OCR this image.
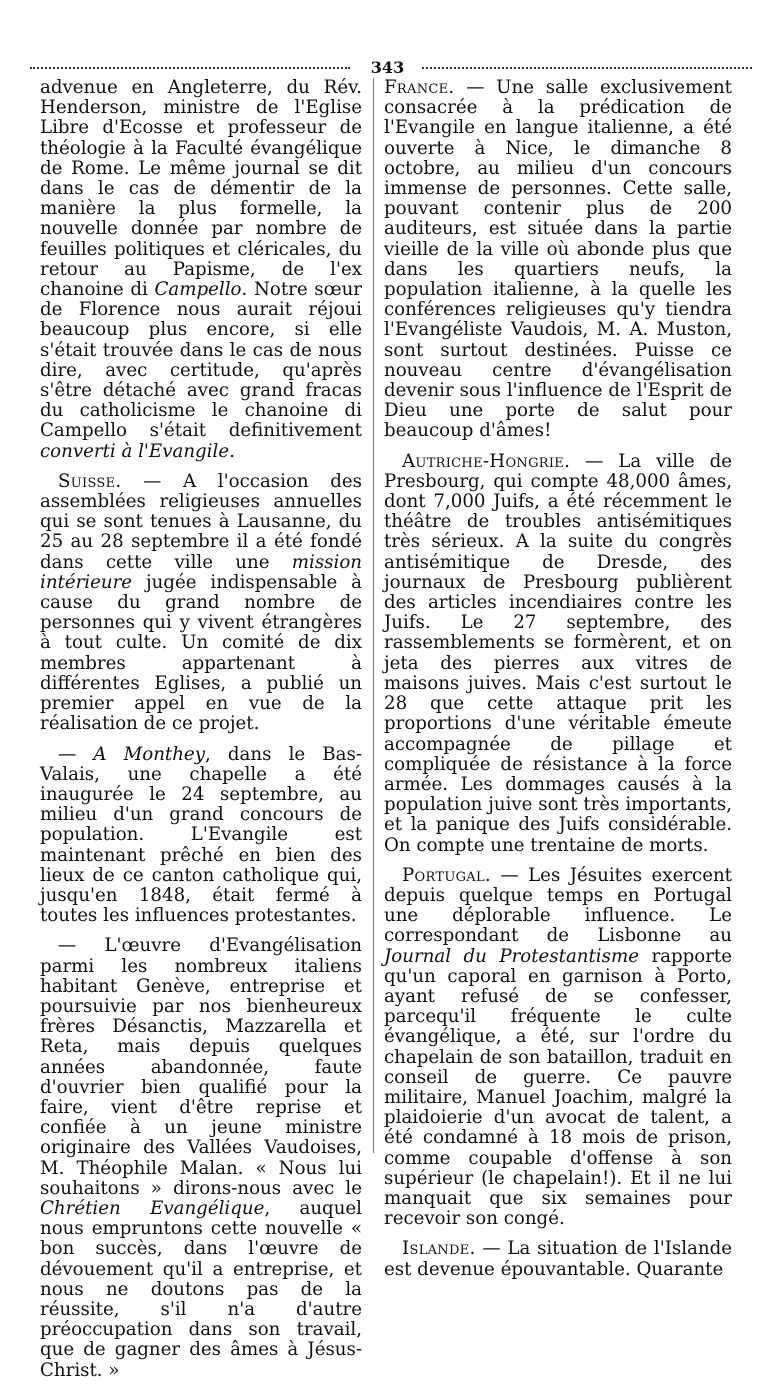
343

advenue en Angleterre, du Rév. Henderson, ministre de l'Eglise Libre d'Ecosse et professeur de théologie à la Faculté évangélique de Rome. Le même journal se dit dans le cas de démentir de la manière la plus formelle, la nouvelle donnée par nombre de feuilles politiques et cléricales, du retour au Papisme, de l'ex chanoine di Campello. Notre sœur de Florence nous aurait réjoui beaucoup plus encore, si elle s'était trouvée dans le cas de nous dire, avec certitude, qu'après s'être détaché avec grand fracas du catholicisme le chanoine di Campello s'était definitivement converti à l'Evangile.

Suisse. — A l'occasion des assemblées religieuses annuelles qui se sont tenues à Lausanne, du 25 au 28 septembre il a été fondé dans cette ville une mission intérieure jugée indispensable à cause du grand nombre de personnes qui y vivent étrangères à tout culte. Un comité de dix membres appartenant à différentes Eglises, a publié un premier appel en vue de la réalisation de ce projet.

— A Monthey, dans le Bas-Valais, une chapelle a été inaugurée le 24 septembre, au milieu d'un grand concours de population. L'Evangile est maintenant prêché en bien des lieux de ce canton catholique qui, jusqu'en 1848, était fermé à toutes les influences protestantes.

— L'œuvre d'Evangélisation parmi les nombreux italiens habitant Genève, entreprise et poursuivie par nos bienheureux frères Désanctis, Mazzarella et Reta, mais depuis quelques années abandonnée, faute d'ouvrier bien qualifié pour la faire, vient d'être reprise et confiée à un jeune ministre originaire des Vallées Vaudoises, M. Théophile Malan. « Nous lui souhaitons » dirons-nous avec le Chrétien Evangélique, auquel nous empruntons cette nouvelle « bon succès, dans l'œuvre de dévouement qu'il a entreprise, et nous ne doutons pas de la réussite, s'il n'a d'autre préoccupation dans son travail, que de gagner des âmes à Jésus-Christ. »

France. — Une salle exclusivement consacrée à la prédication de l'Evangile en langue italienne, a été ouverte à Nice, le dimanche 8 octobre, au milieu d'un concours immense de personnes. Cette salle, pouvant contenir plus de 200 auditeurs, est située dans la partie vieille de la ville où abonde plus que dans les quartiers neufs, la population italienne, à la quelle les conférences religieuses qu'y tiendra l'Evangéliste Vaudois, M. A. Muston, sont surtout destinées. Puisse ce nouveau centre d'évangélisation devenir sous l'influence de l'Esprit de Dieu une porte de salut pour beaucoup d'âmes!

Autriche-Hongrie. — La ville de Presbourg, qui compte 48,000 âmes, dont 7,000 Juifs, a été récemment le théâtre de troubles antisémitiques très sérieux. A la suite du congrès antisémitique de Dresde, des journaux de Presbourg publièrent des articles incendiaires contre les Juifs. Le 27 septembre, des rassemblements se formèrent, et on jeta des pierres aux vitres de maisons juives. Mais c'est surtout le 28 que cette attaque prit les proportions d'une véritable émeute accompagnée de pillage et compliquée de résistance à la force armée. Les dommages causés à la population juive sont très importants, et la panique des Juifs considérable. On compte une trentaine de morts.

Portugal. — Les Jésuites exercent depuis quelque temps en Portugal une déplorable influence. Le correspondant de Lisbonne au Journal du Protestantisme rapporte qu'un caporal en garnison à Porto, ayant refusé de se confesser, parcequ'il fréquente le culte évangélique, a été, sur l'ordre du chapelain de son bataillon, traduit en conseil de guerre. Ce pauvre militaire, Manuel Joachim, malgré la plaidoierie d'un avocat de talent, a été condamné à 18 mois de prison, comme coupable d'offense à son supérieur (le chapelain!). Et il ne lui manquait que six semaines pour recevoir son congé.

Islande. — La situation de l'Islande est devenue épouvantable. Quarante
